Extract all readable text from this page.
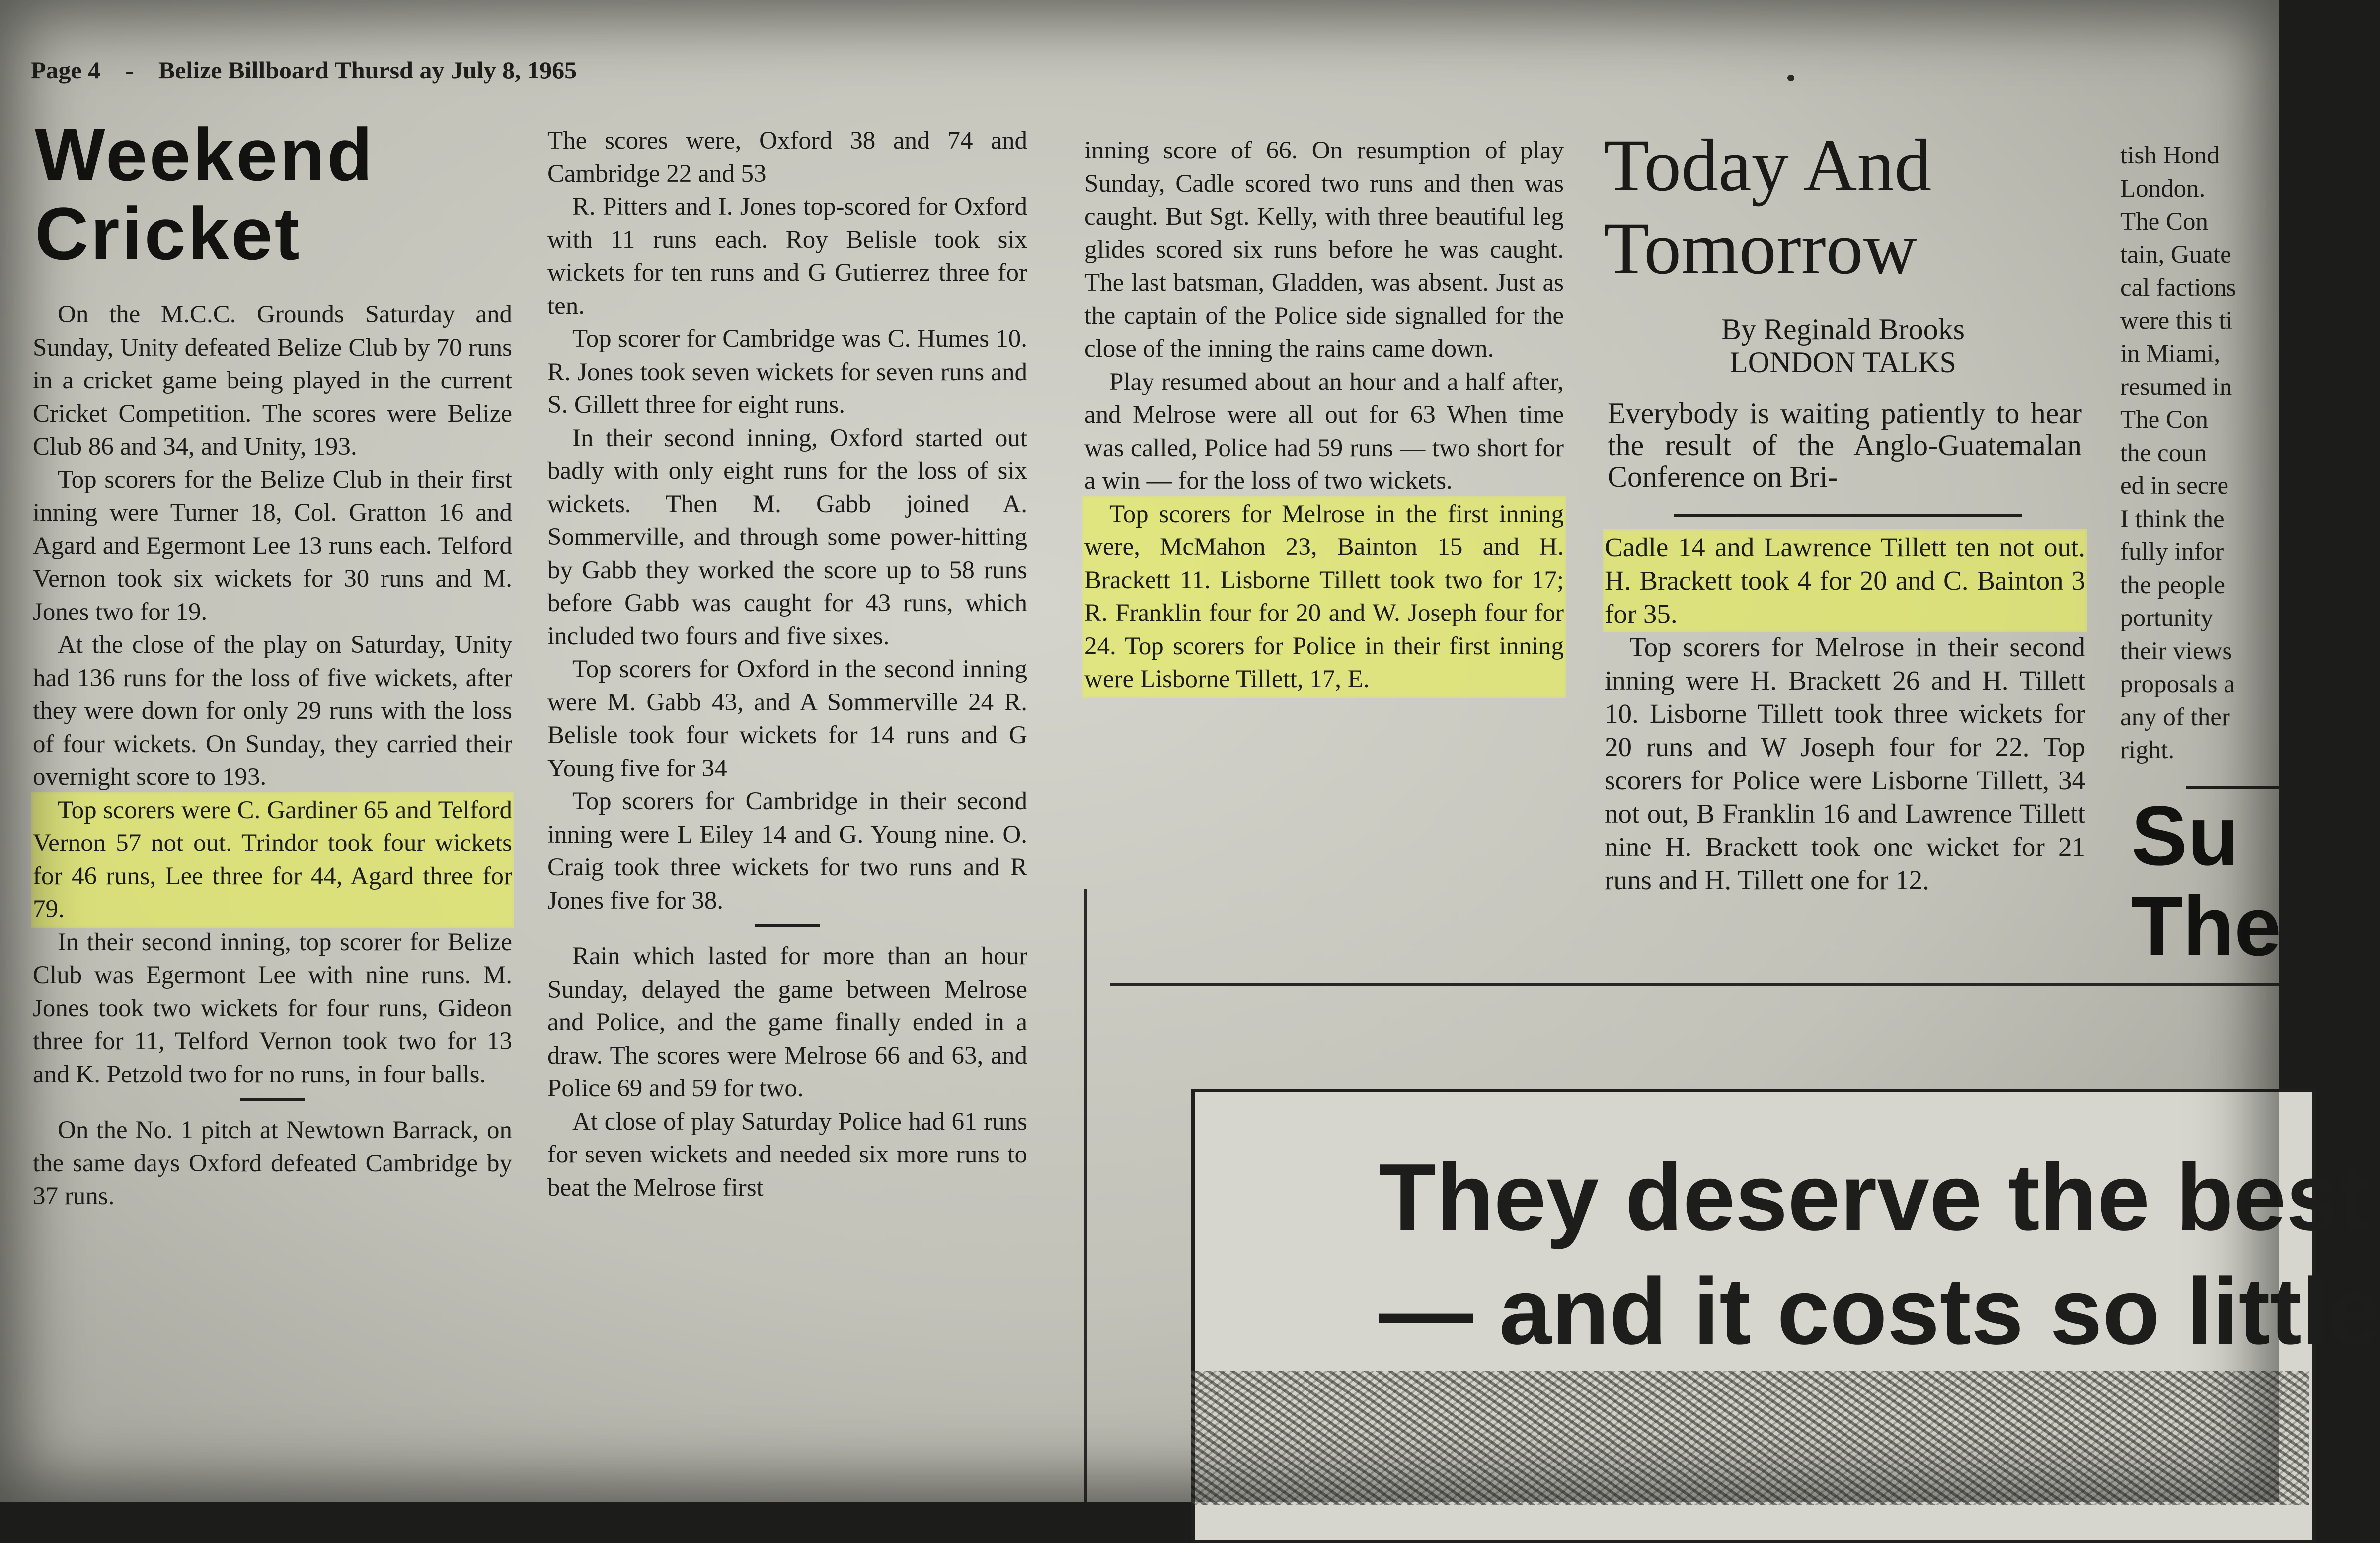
Page 4 - Belize Billboard Thursd ay July 8, 1965
Weekend
Cricket

On the M.C.C. Grounds Saturday and Sunday, Unity defeated Belize Club by 70 runs in a cricket game being played in the current Cricket Competition. The scores were Belize Club 86 and 34, and Unity, 193.

Top scorers for the Belize Club in their first inning were Turner 18, Col. Gratton 16 and Agard and Egermont Lee 13 runs each. Telford Vernon took six wickets for 30 runs and M. Jones two for 19.

At the close of the play on Saturday, Unity had 136 runs for the loss of five wickets, after they were down for only 29 runs with the loss of four wickets. On Sunday, they carried their overnight score to 193.

Top scorers were C. Gardiner 65 and Telford Vernon 57 not out. Trindor took four wickets for 46 runs, Lee three for 44, Agard three for 79.

In their second inning, top scorer for Belize Club was Egermont Lee with nine runs. M. Jones took two wickets for four runs, Gideon three for 11, Telford Vernon took two for 13 and K. Petzold two for no runs, in four balls.

On the No. 1 pitch at Newtown Barrack, on the same days Oxford defeated Cambridge by 37 runs.

The scores were, Oxford 38 and 74 and Cambridge 22 and 53

R. Pitters and I. Jones top-scored for Oxford with 11 runs each. Roy Belisle took six wickets for ten runs and G Gutierrez three for ten.

Top scorer for Cambridge was C. Humes 10. R. Jones took seven wickets for seven runs and S. Gillett three for eight runs.

In their second inning, Oxford started out badly with only eight runs for the loss of six wickets. Then M. Gabb joined A. Sommerville, and through some power-hitting by Gabb they worked the score up to 58 runs before Gabb was caught for 43 runs, which included two fours and five sixes.

Top scorers for Oxford in the second inning were M. Gabb 43, and A Sommerville 24 R. Belisle took four wickets for 14 runs and G Young five for 34

Top scorers for Cambridge in their second inning were L Eiley 14 and G. Young nine. O. Craig took three wickets for two runs and R Jones five for 38.

Rain which lasted for more than an hour Sunday, delayed the game between Melrose and Police, and the game finally ended in a draw. The scores were Melrose 66 and 63, and Police 69 and 59 for two.

At close of play Saturday Police had 61 runs for seven wickets and needed six more runs to beat the Melrose first

inning score of 66. On resumption of play Sunday, Cadle scored two runs and then was caught. But Sgt. Kelly, with three beautiful leg glides scored six runs before he was caught. The last batsman, Gladden, was absent. Just as the captain of the Police side signalled for the close of the inning the rains came down.

Play resumed about an hour and a half after, and Melrose were all out for 63 When time was called, Police had 59 runs — two short for a win — for the loss of two wickets.

Top scorers for Melrose in the first inning were, McMahon 23, Bainton 15 and H. Brackett 11. Lisborne Tillett took two for 17; R. Franklin four for 20 and W. Joseph four for 24. Top scorers for Police in their first inning were Lisborne Tillett, 17, E.

Today And
Tomorrow
By Reginald Brooks
LONDON TALKS
Everybody is waiting patiently to hear the result of the Anglo-Guatemalan Conference on Bri-

Cadle 14 and Lawrence Tillett ten not out. H. Brackett took 4 for 20 and C. Bainton 3 for 35.

Top scorers for Melrose in their second inning were H. Brackett 26 and H. Tillett 10. Lisborne Tillett took three wickets for 20 runs and W Joseph four for 22. Top scorers for Police were Lisborne Tillett, 34 not out, B Franklin 16 and Lawrence Tillett nine H. Brackett took one wicket for 21 runs and H. Tillett one for 12.

tish Hond
London.
The Con
tain, Guate
cal factions
were this ti
in Miami,
resumed in
The Con
the coun
ed in secre
I think the
fully infor
the people
portunity
their views
proposals a
any of ther
right.
Su
The
They deserve the best
— and it costs so little
